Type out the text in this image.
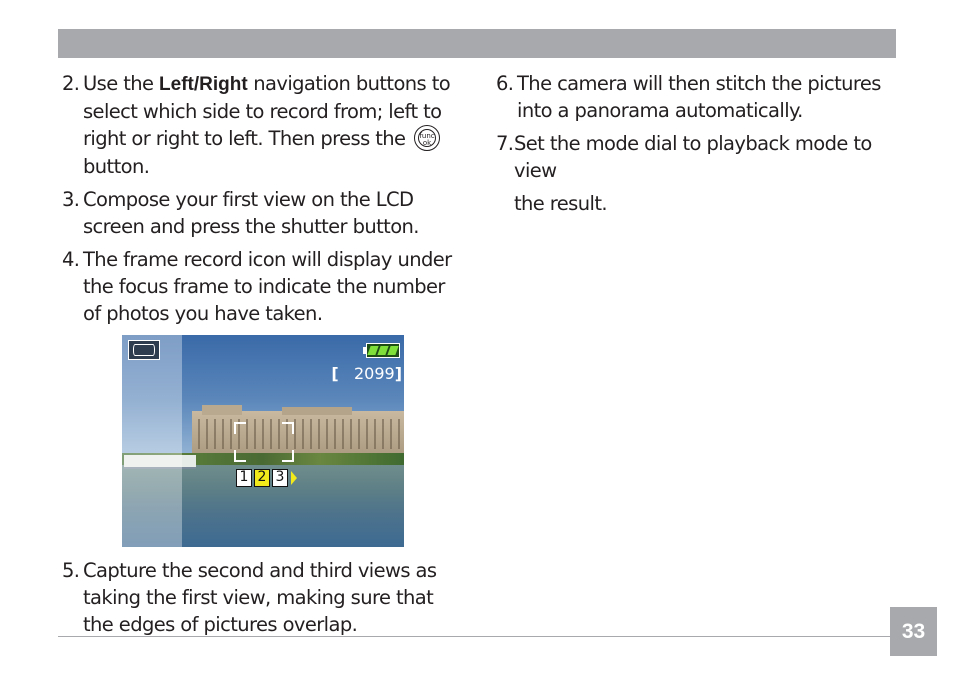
2. Use the Left/Right navigation buttons to select which side to record from; left to right or right to left. Then press the func
ok
button.
3. Compose your first view on the LCD screen and press the shutter button.
4. The frame record icon will display under the focus frame to indicate the number of photos you have taken.
[ 2099]
1 2 3
5. Capture the second and third views as taking the first view, making sure that the edges of pictures overlap.
6. The camera will then stitch the pictures into a panorama automatically.
7. Set the mode dial to playback mode to view
the result.
33
